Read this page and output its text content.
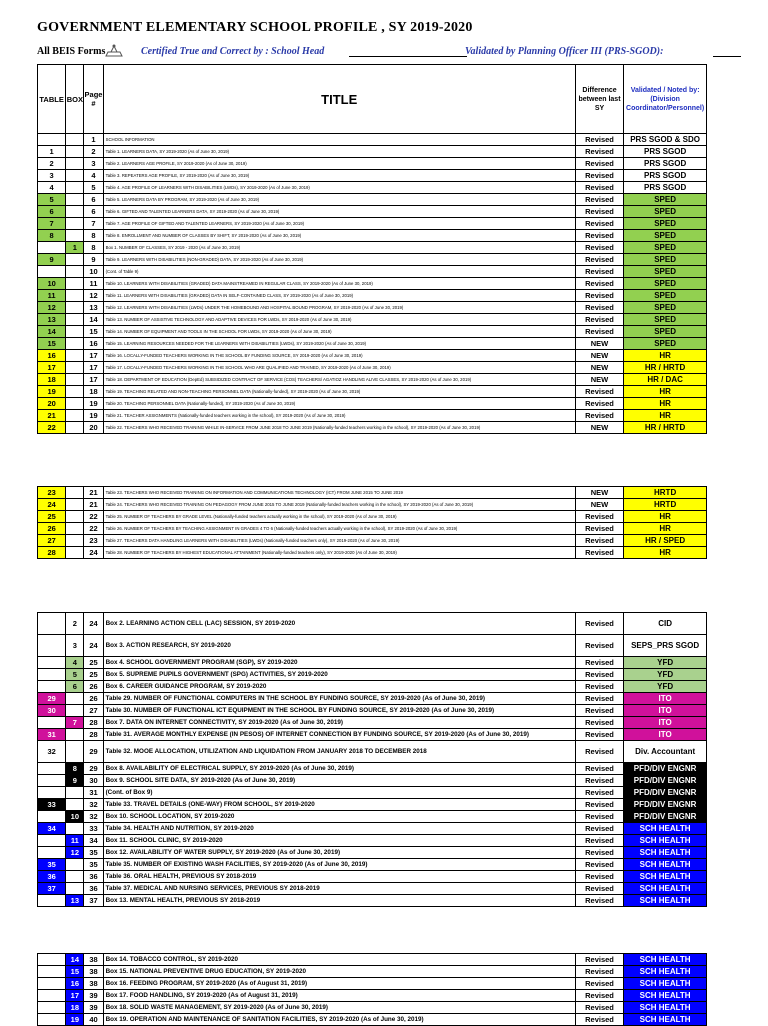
GOVERNMENT ELEMENTARY SCHOOL PROFILE , SY 2019-2020
All BEIS Forms	Certified True and Correct by : School Head	Validated by Planning Officer III (PRS-SGOD):
TABLE	BOX	Page #	TITLE	Difference between last SY	Validated / Noted by: (Division Coordinator/Personnel)
		1	SCHOOL INFORMATION	Revised	PRS SGOD & SDO
1		2	Table 1. LEARNERS DATA, SY 2019-2020 (As of June 30, 2019)	Revised	PRS SGOD
2		3	Table 2. LEARNERS AGE PROFILE, SY 2019-2020 (As of June 30, 2019)	Revised	PRS SGOD
3		4	Table 3. REPEATERS AGE PROFILE, SY 2019-2020 (As of June 30, 2019)	Revised	PRS SGOD
4		5	Table 4. AGE PROFILE OF LEARNERS WITH DISABILITIES (LWDs), SY 2019-2020 (As of June 30, 2019)	Revised	PRS SGOD
5		6	Table 5. LEARNERS DATA BY PROGRAM, SY 2019-2020 (As of June 30, 2019)	Revised	SPED
6		6	Table 6. GIFTED AND TALENTED LEARNERS DATA, SY 2019-2020 (As of June 30, 2019)	Revised	SPED
7		7	Table 7. AGE PROFILE OF GIFTED AND TALENTED LEARNERS, SY 2019-2020 (As of June 30, 2019)	Revised	SPED
8		8	Table 8. ENROLLMENT AND NUMBER OF CLASSES BY SHIFT, SY 2019-2020 (As of June 30, 2019)	Revised	SPED
	1	8	Box 1. NUMBER OF CLASSES, SY 2019 - 2020 (As of June 30, 2019)	Revised	SPED
9		9	Table 9. LEARNERS WITH DISABILITIES (NON-GRADED) DATA, SY 2019-2020 (As of June 30, 2019)	Revised	SPED
		10	(Cont. of Table 9)	Revised	SPED
10		11	Table 10. LEARNERS WITH DISABILITIES (GRADED) DATA MAINSTREAMED IN REGULAR CLASS, SY 2019-2020 (As of June 30, 2019)	Revised	SPED
11		12	Table 11. LEARNERS WITH DISABILITIES (GRADED) DATA IN SELF-CONTAINED CLASS, SY 2019-2020 (As of June 30, 2019)	Revised	SPED
12		13	Table 12. LEARNERS WITH DISABILITIES (LWDs) UNDER THE HOMEBOUND AND HOSPITAL BOUND PROGRAM, SY 2019-2020 (As of June 30, 2019)	Revised	SPED
13		14	Table 13. NUMBER OF ASSISTIVE TECHNOLOGY AND ADAPTIVE DEVICES FOR LWDs, SY 2019-2020 (As of June 30, 2019)	Revised	SPED
14		15	Table 14. NUMBER OF EQUIPMENT AND TOOLS IN THE SCHOOL FOR LWDs, SY 2019-2020 (As of June 30, 2019)	Revised	SPED
15		16	Table 15. LEARNING RESOURCES NEEDED FOR THE LEARNERS WITH DISABILITIES (LWDs), SY 2019-2020 (As of June 30, 2019)	NEW	SPED
16		17	Table 16. LOCALLY-FUNDED TEACHERS WORKING IN THE SCHOOL BY FUNDING SOURCE, SY 2019-2020 (As of June 30, 2019)	NEW	HR
17		17	Table 17. LOCALLY-FUNDED TEACHERS WORKING IN THE SCHOOL WHO ARE QUALIFIED AND TRAINED, SY 2019-2020 (As of June 30, 2019)	NEW	HR / HRTD
18		17	Table 18. DEPARTMENT OF EDUCATION (DepEd) SUBSIDIZED CONTRACT OF SERVICE (COS) TEACHERS/ AGATIOZ HANDLING ALIVE CLASSES, SY 2019-2020 (As of June 30, 2019)	NEW	HR / DAC
19		18	Table 19. TEACHING RELATED AND NON-TEACHING PERSONNEL DATA (Nationally-funded), SY 2019-2020 (As of June 30, 2019)	Revised	HR
20		19	Table 20. TEACHING PERSONNEL DATA (Nationally-funded), SY 2019-2020 (As of June 30, 2019)	Revised	HR
21		19	Table 21. TEACHER ASSIGNMENTS (Nationally-funded teachers working in the school), SY 2019-2020 (As of June 30, 2019)	Revised	HR
22		20	Table 22. TEACHERS WHO RECEIVED TRAINING WHILE IN-SERVICE FROM JUNE 2018 TO JUNE 2019 (Nationally-funded teachers working in the school), SY 2019-2020 (As of June 30, 2019)	NEW	HR / HRTD
23		21	Table 23. TEACHERS WHO RECEIVED TRAINING ON INFORMATION AND COMMUNICATIONS TECHNOLOGY (ICT) FROM JUNE 2015 TO JUNE 2019	NEW	HRTD
24		21	Table 24. TEACHERS WHO RECEIVED TRAINING ON PEDAGOGY FROM JUNE 2015 TO JUNE 2019 (Nationally-funded teachers working in the school), SY 2019-2020 (As of June 30, 2019)	NEW	HRTD
25		22	Table 25. NUMBER OF TEACHERS BY GRADE LEVEL (Nationally-funded teachers actually working in the school), SY 2019-2020 (As of June 30, 2019)	Revised	HR
26		22	Table 26. NUMBER OF TEACHERS BY TEACHING ASSIGNMENT IN GRADES 4 TO 6 (Nationally-funded teachers actually working in the school), SY 2019-2020 (As of June 30, 2019)	Revised	HR
27		23	Table 27. TEACHERS DATA HANDLING LEARNERS WITH DISABILITIES (LWDs) (Nationally-funded teachers only), SY 2019-2020 (As of June 30, 2019)	Revised	HR / SPED
28		24	Table 28. NUMBER OF TEACHERS BY HIGHEST EDUCATIONAL ATTAINMENT (Nationally-funded teachers only), SY 2019-2020 (As of June 30, 2019)	Revised	HR
	2	24	Box 2. LEARNING ACTION CELL (LAC) SESSION, SY 2019-2020	Revised	CID
	3	24	Box 3. ACTION RESEARCH, SY 2019-2020	Revised	SEPS_PRS SGOD
	4	25	Box 4. SCHOOL GOVERNMENT PROGRAM (SGP), SY 2019-2020	Revised	YFD
	5	25	Box 5. SUPREME PUPILS GOVERNMENT (SPG) ACTIVITIES, SY 2019-2020	Revised	YFD
	6	26	Box 6. CAREER GUIDANCE PROGRAM, SY 2019-2020	Revised	YFD
29		26	Table 29. NUMBER OF FUNCTIONAL COMPUTERS IN THE SCHOOL BY FUNDING SOURCE, SY 2019-2020 (As of June 30, 2019)	Revised	ITO
30		27	Table 30. NUMBER OF FUNCTIONAL ICT EQUIPMENT IN THE SCHOOL BY FUNDING SOURCE, SY 2019-2020 (As of June 30, 2019)	Revised	ITO
	7	28	Box 7. DATA ON INTERNET CONNECTIVITY, SY 2019-2020 (As of June 30, 2019)	Revised	ITO
31		28	Table 31. AVERAGE MONTHLY EXPENSE (IN PESOS) OF INTERNET CONNECTION BY FUNDING SOURCE, SY 2019-2020 (As of June 30, 2019)	Revised	ITO
32		29	Table 32. MOOE ALLOCATION, UTILIZATION AND LIQUIDATION FROM JANUARY 2018 TO DECEMBER 2018	Revised	Div. Accountant
	8	29	Box 8. AVAILABILITY OF ELECTRICAL SUPPLY, SY 2019-2020 (As of June 30, 2019)	Revised	PFD/DIV ENGNR
	9	30	Box 9. SCHOOL SITE DATA, SY 2019-2020 (As of June 30, 2019)	Revised	PFD/DIV ENGNR
		31	(Cont. of Box 9)	Revised	PFD/DIV ENGNR
33		32	Table 33. TRAVEL DETAILS (ONE-WAY) FROM SCHOOL, SY 2019-2020	Revised	PFD/DIV ENGNR
	10	32	Box 10. SCHOOL LOCATION, SY 2019-2020	Revised	PFD/DIV ENGNR
34		33	Table 34. HEALTH AND NUTRITION, SY 2019-2020	Revised	SCH HEALTH
	11	34	Box 11. SCHOOL CLINIC, SY 2019-2020	Revised	SCH HEALTH
	12	35	Box 12. AVAILABILITY OF WATER SUPPLY, SY 2019-2020 (As of June 30, 2019)	Revised	SCH HEALTH
35		35	Table 35. NUMBER OF EXISTING WASH FACILITIES, SY 2019-2020 (As of June 30, 2019)	Revised	SCH HEALTH
36		36	Table 36. ORAL HEALTH, PREVIOUS SY 2018-2019	Revised	SCH HEALTH
37		36	Table 37. MEDICAL AND NURSING SERVICES, PREVIOUS SY 2018-2019	Revised	SCH HEALTH
	13	37	Box 13. MENTAL HEALTH, PREVIOUS SY 2018-2019	Revised	SCH HEALTH
	14	38	Box 14. TOBACCO CONTROL, SY 2019-2020	Revised	SCH HEALTH
	15	38	Box 15. NATIONAL PREVENTIVE DRUG EDUCATION, SY 2019-2020	Revised	SCH HEALTH
	16	38	Box 16. FEEDING PROGRAM, SY 2019-2020 (As of August 31, 2019)	Revised	SCH HEALTH
	17	39	Box 17. FOOD HANDLING, SY 2019-2020 (As of August 31, 2019)	Revised	SCH HEALTH
	18	39	Box 18. SOLID WASTE MANAGEMENT, SY 2019-2020 (As of June 30, 2019)	Revised	SCH HEALTH
	19	40	Box 19. OPERATION AND MAINTENANCE OF SANITATION FACILITIES, SY 2019-2020 (As of June 30, 2019)	Revised	SCH HEALTH
